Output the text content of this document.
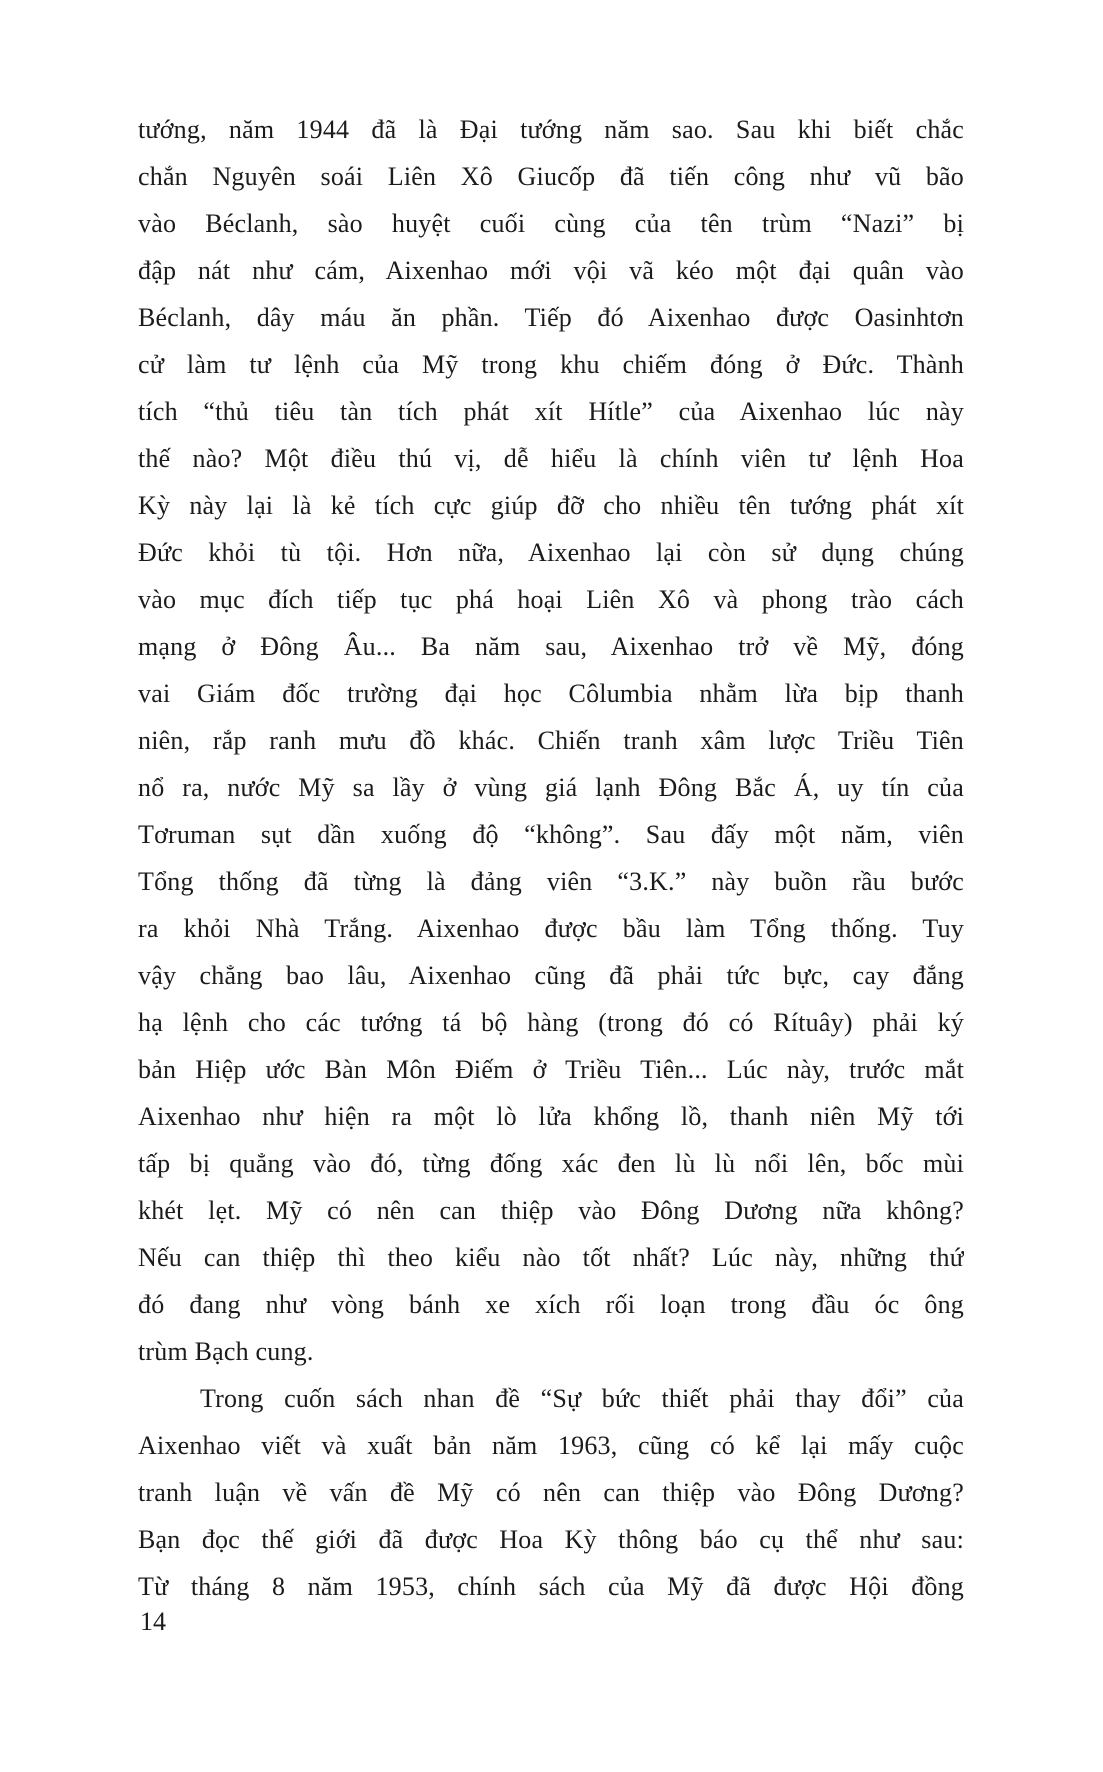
tướng, năm 1944 đã là Đại tướng năm sao. Sau khi biết chắc
chắn Nguyên soái Liên Xô Giucốp đã tiến công như vũ bão
vào Béclanh, sào huyệt cuối cùng của tên trùm “Nazi” bị
đập nát như cám, Aixenhao mới vội vã kéo một đại quân vào
Béclanh, dây máu ăn phần. Tiếp đó Aixenhao được Oasinhtơn
cử làm tư lệnh của Mỹ trong khu chiếm đóng ở Đức. Thành
tích “thủ tiêu tàn tích phát xít Hítle” của Aixenhao lúc này
thế nào? Một điều thú vị, dễ hiểu là chính viên tư lệnh Hoa
Kỳ này lại là kẻ tích cực giúp đỡ cho nhiều tên tướng phát xít
Đức khỏi tù tội. Hơn nữa, Aixenhao lại còn sử dụng chúng
vào mục đích tiếp tục phá hoại Liên Xô và phong trào cách
mạng ở Đông Âu... Ba năm sau, Aixenhao trở về Mỹ, đóng
vai Giám đốc trường đại học Côlumbia nhằm lừa bịp thanh
niên, rắp ranh mưu đồ khác. Chiến tranh xâm lược Triều Tiên
nổ ra, nước Mỹ sa lầy ở vùng giá lạnh Đông Bắc Á, uy tín của
Tơruman sụt dần xuống độ “không”. Sau đấy một năm, viên
Tổng thống đã từng là đảng viên “3.K.” này buồn rầu bước
ra khỏi Nhà Trắng. Aixenhao được bầu làm Tổng thống. Tuy
vậy chẳng bao lâu, Aixenhao cũng đã phải tức bực, cay đắng
hạ lệnh cho các tướng tá bộ hàng (trong đó có Rítuây) phải ký
bản Hiệp ước Bàn Môn Điếm ở Triều Tiên... Lúc này, trước mắt
Aixenhao như hiện ra một lò lửa khổng lồ, thanh niên Mỹ tới
tấp bị quẳng vào đó, từng đống xác đen lù lù nổi lên, bốc mùi
khét lẹt. Mỹ có nên can thiệp vào Đông Dương nữa không?
Nếu can thiệp thì theo kiểu nào tốt nhất? Lúc này, những thứ
đó đang như vòng bánh xe xích rối loạn trong đầu óc ông
trùm Bạch cung.
Trong cuốn sách nhan đề “Sự bức thiết phải thay đổi” của
Aixenhao viết và xuất bản năm 1963, cũng có kể lại mấy cuộc
tranh luận về vấn đề Mỹ có nên can thiệp vào Đông Dương?
Bạn đọc thế giới đã được Hoa Kỳ thông báo cụ thể như sau:
Từ tháng 8 năm 1953, chính sách của Mỹ đã được Hội đồng
14
